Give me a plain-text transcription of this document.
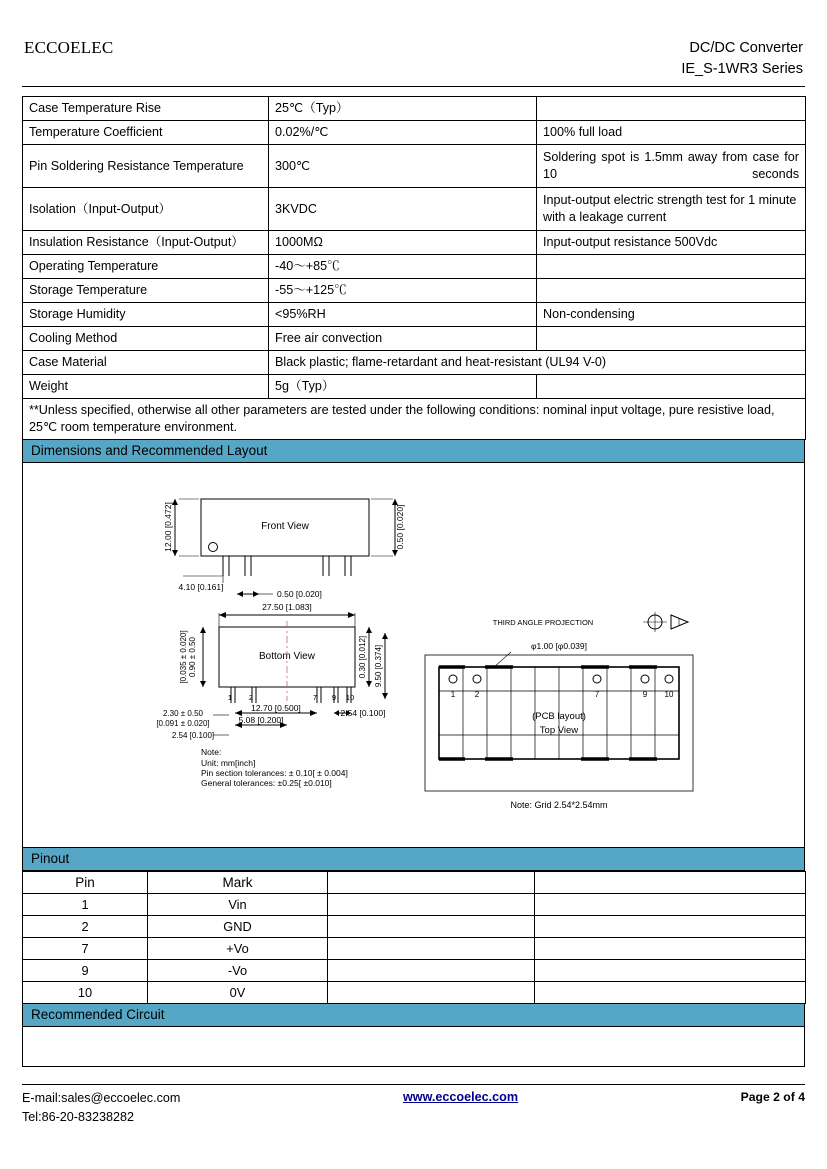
ECCOELEC	DC/DC Converter
IE_S-1WR3 Series
Case Temperature Rise	25℃（Typ）	
Temperature Coefficient	0.02%/℃	100% full load
Pin Soldering Resistance Temperature	300℃	Soldering spot is 1.5mm away from case for 10 seconds
Isolation（Input-Output）	3KVDC	Input-output electric strength test for 1 minute with a leakage current
Insulation Resistance（Input-Output）	1000MΩ	Input-output resistance 500Vdc
Operating Temperature	-40～+85℃	
Storage Temperature	-55～+125℃	
Storage Humidity	<95%RH	Non-condensing
Cooling Method	Free air convection	
Case Material	Black plastic; flame-retardant and heat-resistant (UL94 V-0)	
Weight	5g（Typ）	
**Unless specified, otherwise all other parameters are tested under the following conditions: nominal input voltage, pure resistive load, 25℃ room temperature environment.		
Dimensions and Recommended Layout
Front View
12.00 [0.472]	0.50 [0.020]
4.10 [0.161]
0.50 [0.020]
27.50 [1.083]
Bottom View
1 2	7 9 10
0.90 ± 0.50
[0.035 ± 0.020]	0.30 [0.012] 9.50 [0.374]
12.70 [0.500]
5.08 [0.200]
2.54 [0.100]
2.30 ± 0.50
[0.091 ± 0.020]
2.54 [0.100]
Note:
Unit: mm[inch]
Pin section tolerances: ± 0.10[ ± 0.004]
General tolerances: ±0.25[ ±0.010]
THIRD ANGLE PROJECTION
φ1.00 [φ0.039]
1 2	7	9 10
(PCB layout)
Top View
Note: Grid 2.54*2.54mm
Pinout
Pin	Mark		
1	Vin		
2	GND		
7	+Vo		
9	-Vo		
10	0V		
Recommended Circuit
E-mail:sales@eccoelec.com
Tel:86-20-83238282
www.eccoelec.com	Page 2 of 4
